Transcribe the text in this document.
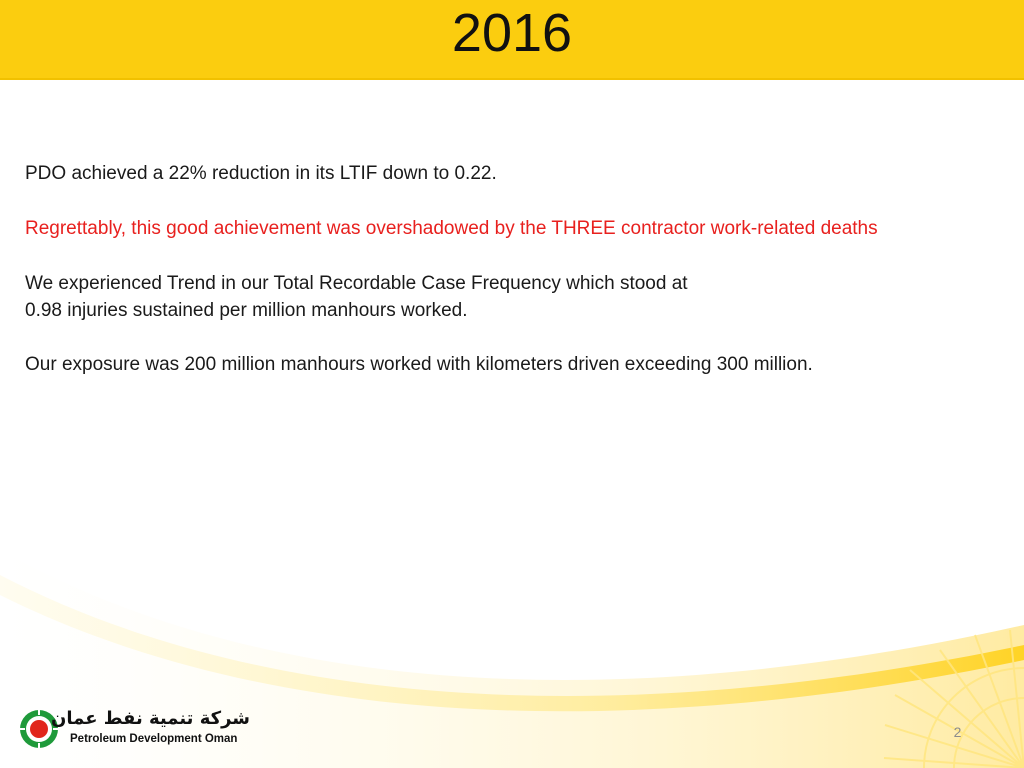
2016

PDO achieved a 22% reduction in its LTIF down to 0.22.

Regrettably, this good achievement was overshadowed by the THREE contractor work-related deaths

We experienced Trend in our Total Recordable Case Frequency which stood at

0.98 injuries sustained per million manhours worked.

Our exposure was 200 million manhours worked with kilometers driven exceeding 300 million.

شركة تنمية نفط عمان
Petroleum Development Oman	2
